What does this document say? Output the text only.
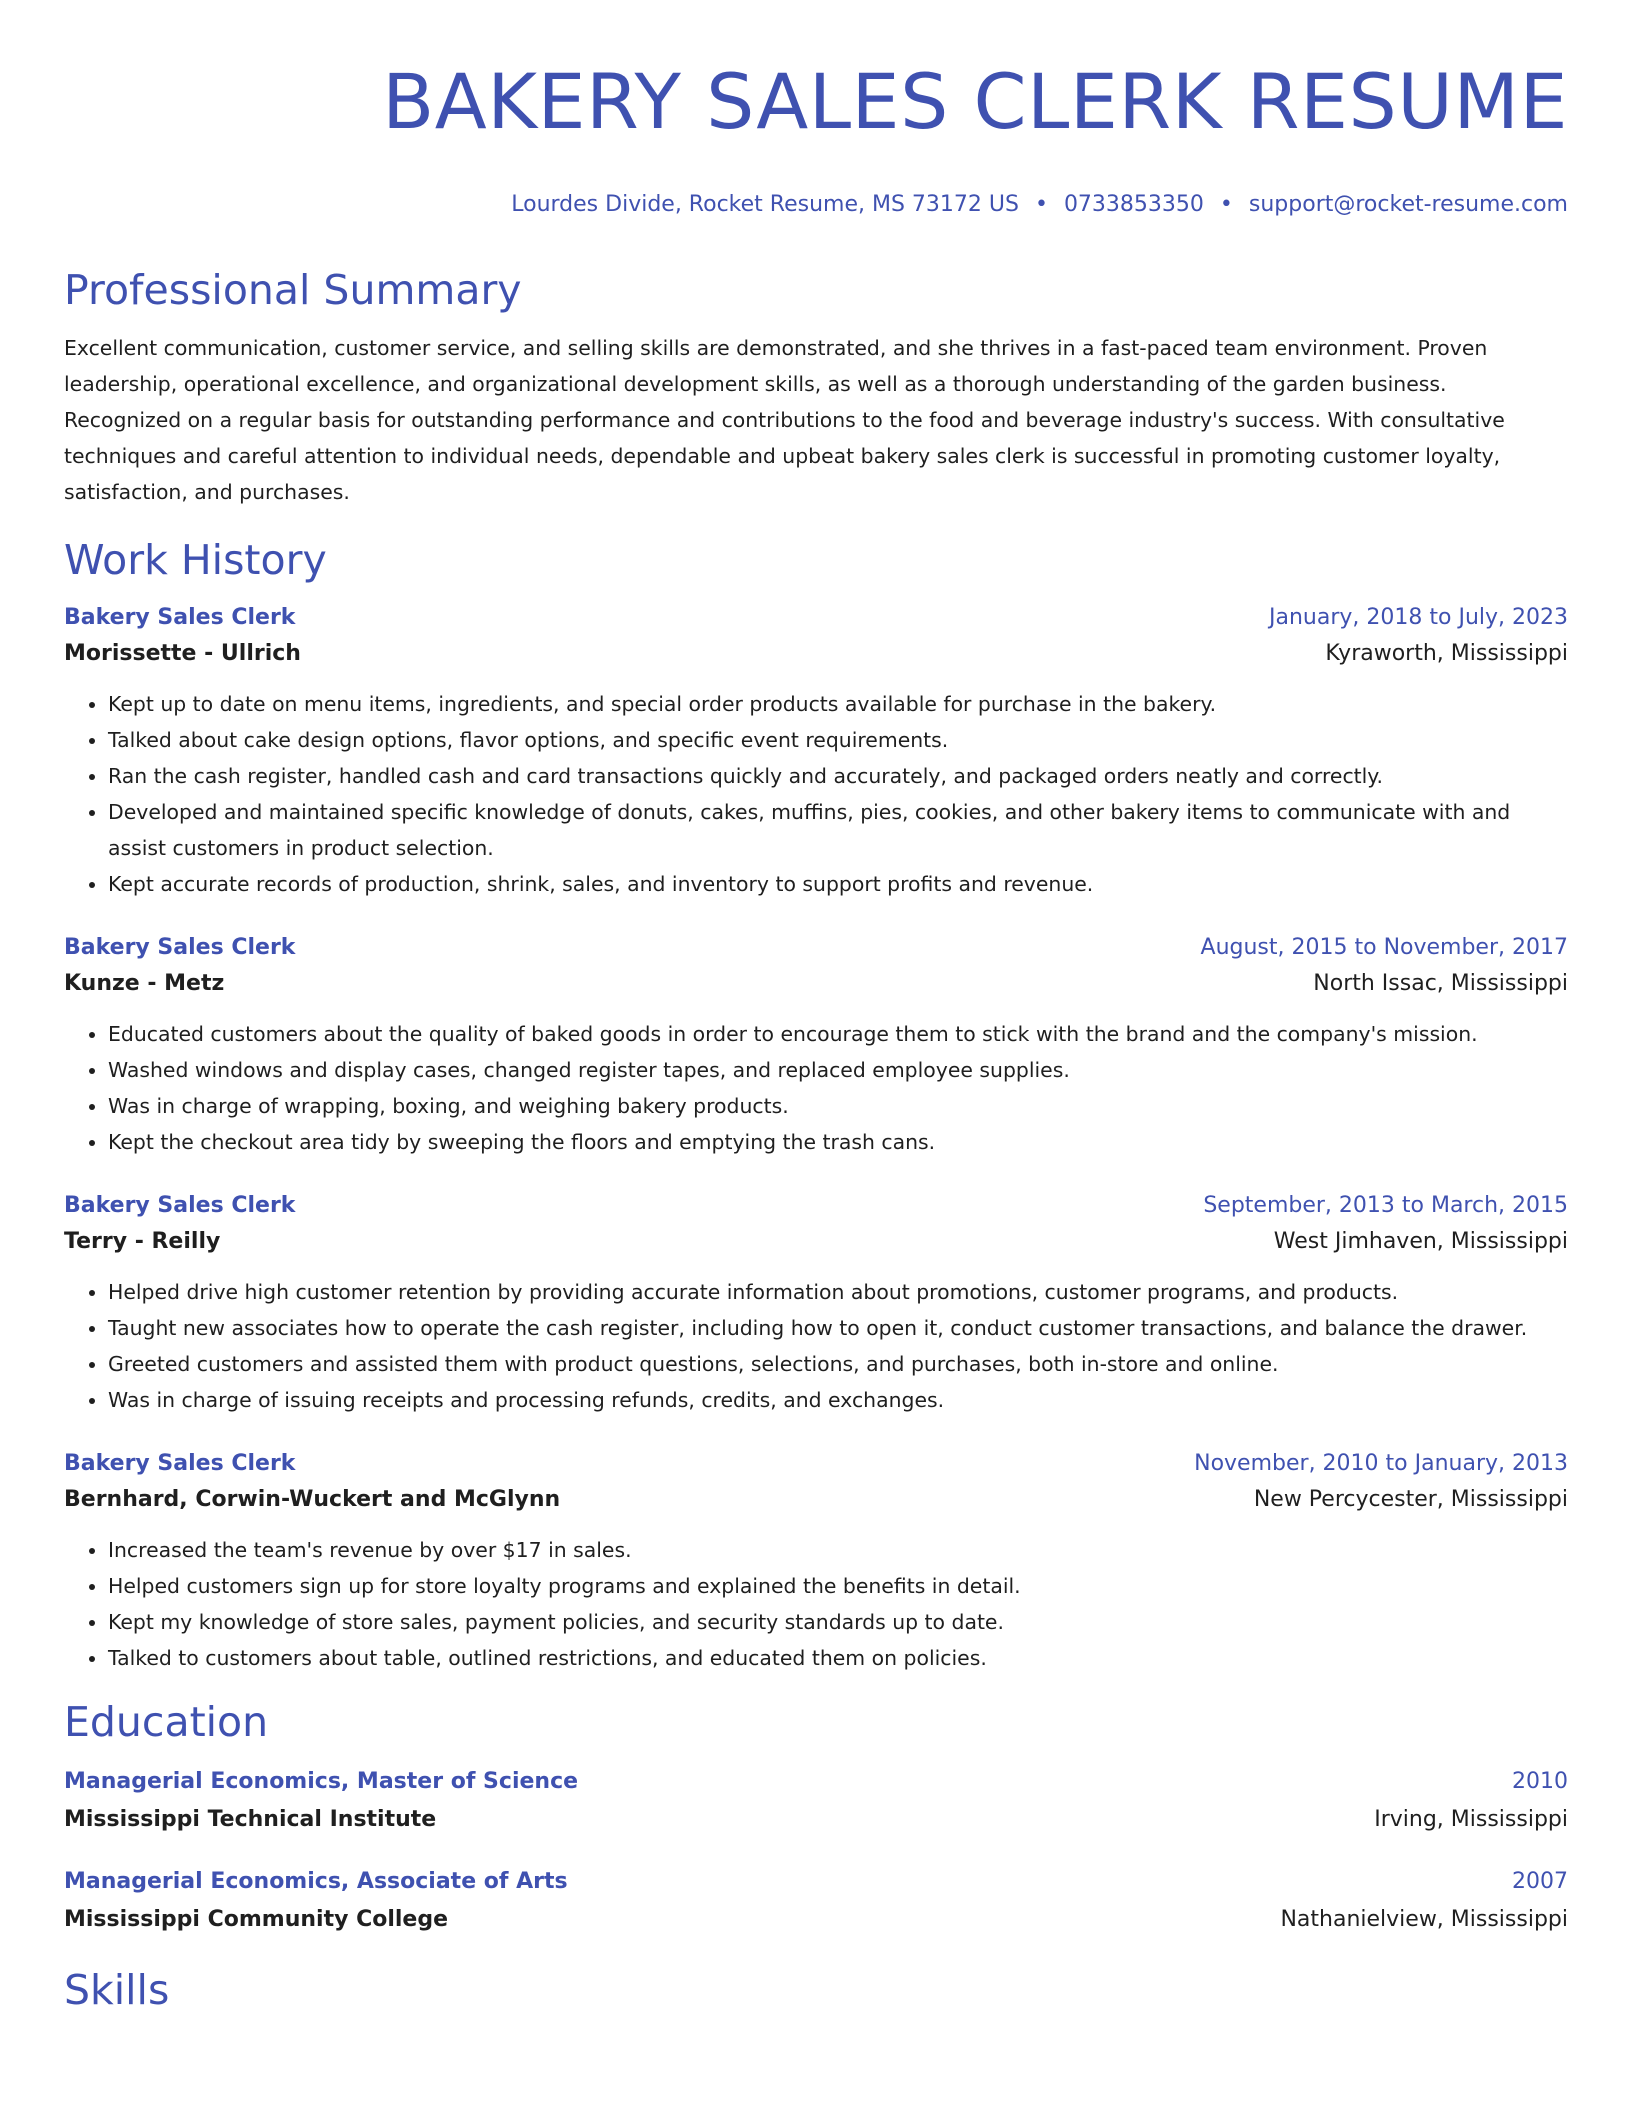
BAKERY SALES CLERK RESUME
Lourdes Divide, Rocket Resume, MS 73172 US • 0733853350 • support@rocket-resume.com
Professional Summary
Excellent communication, customer service, and selling skills are demonstrated, and she thrives in a fast-paced team environment. Proven leadership, operational excellence, and organizational development skills, as well as a thorough understanding of the garden business. Recognized on a regular basis for outstanding performance and contributions to the food and beverage industry's success. With consultative techniques and careful attention to individual needs, dependable and upbeat bakery sales clerk is successful in promoting customer loyalty, satisfaction, and purchases.
Work History
Bakery Sales Clerk	January, 2018 to July, 2023
Morissette - Ullrich	Kyraworth, Mississippi
• Kept up to date on menu items, ingredients, and special order products available for purchase in the bakery.
• Talked about cake design options, flavor options, and specific event requirements.
• Ran the cash register, handled cash and card transactions quickly and accurately, and packaged orders neatly and correctly.
• Developed and maintained specific knowledge of donuts, cakes, muffins, pies, cookies, and other bakery items to communicate with and assist customers in product selection.
• Kept accurate records of production, shrink, sales, and inventory to support profits and revenue.
Bakery Sales Clerk	August, 2015 to November, 2017
Kunze - Metz	North Issac, Mississippi
• Educated customers about the quality of baked goods in order to encourage them to stick with the brand and the company's mission.
• Washed windows and display cases, changed register tapes, and replaced employee supplies.
• Was in charge of wrapping, boxing, and weighing bakery products.
• Kept the checkout area tidy by sweeping the floors and emptying the trash cans.
Bakery Sales Clerk	September, 2013 to March, 2015
Terry - Reilly	West Jimhaven, Mississippi
• Helped drive high customer retention by providing accurate information about promotions, customer programs, and products.
• Taught new associates how to operate the cash register, including how to open it, conduct customer transactions, and balance the drawer.
• Greeted customers and assisted them with product questions, selections, and purchases, both in-store and online.
• Was in charge of issuing receipts and processing refunds, credits, and exchanges.
Bakery Sales Clerk	November, 2010 to January, 2013
Bernhard, Corwin-Wuckert and McGlynn	New Percycester, Mississippi
• Increased the team's revenue by over $17 in sales.
• Helped customers sign up for store loyalty programs and explained the benefits in detail.
• Kept my knowledge of store sales, payment policies, and security standards up to date.
• Talked to customers about table, outlined restrictions, and educated them on policies.
Education
Managerial Economics, Master of Science	2010
Mississippi Technical Institute	Irving, Mississippi
Managerial Economics, Associate of Arts	2007
Mississippi Community College	Nathanielview, Mississippi
Skills
